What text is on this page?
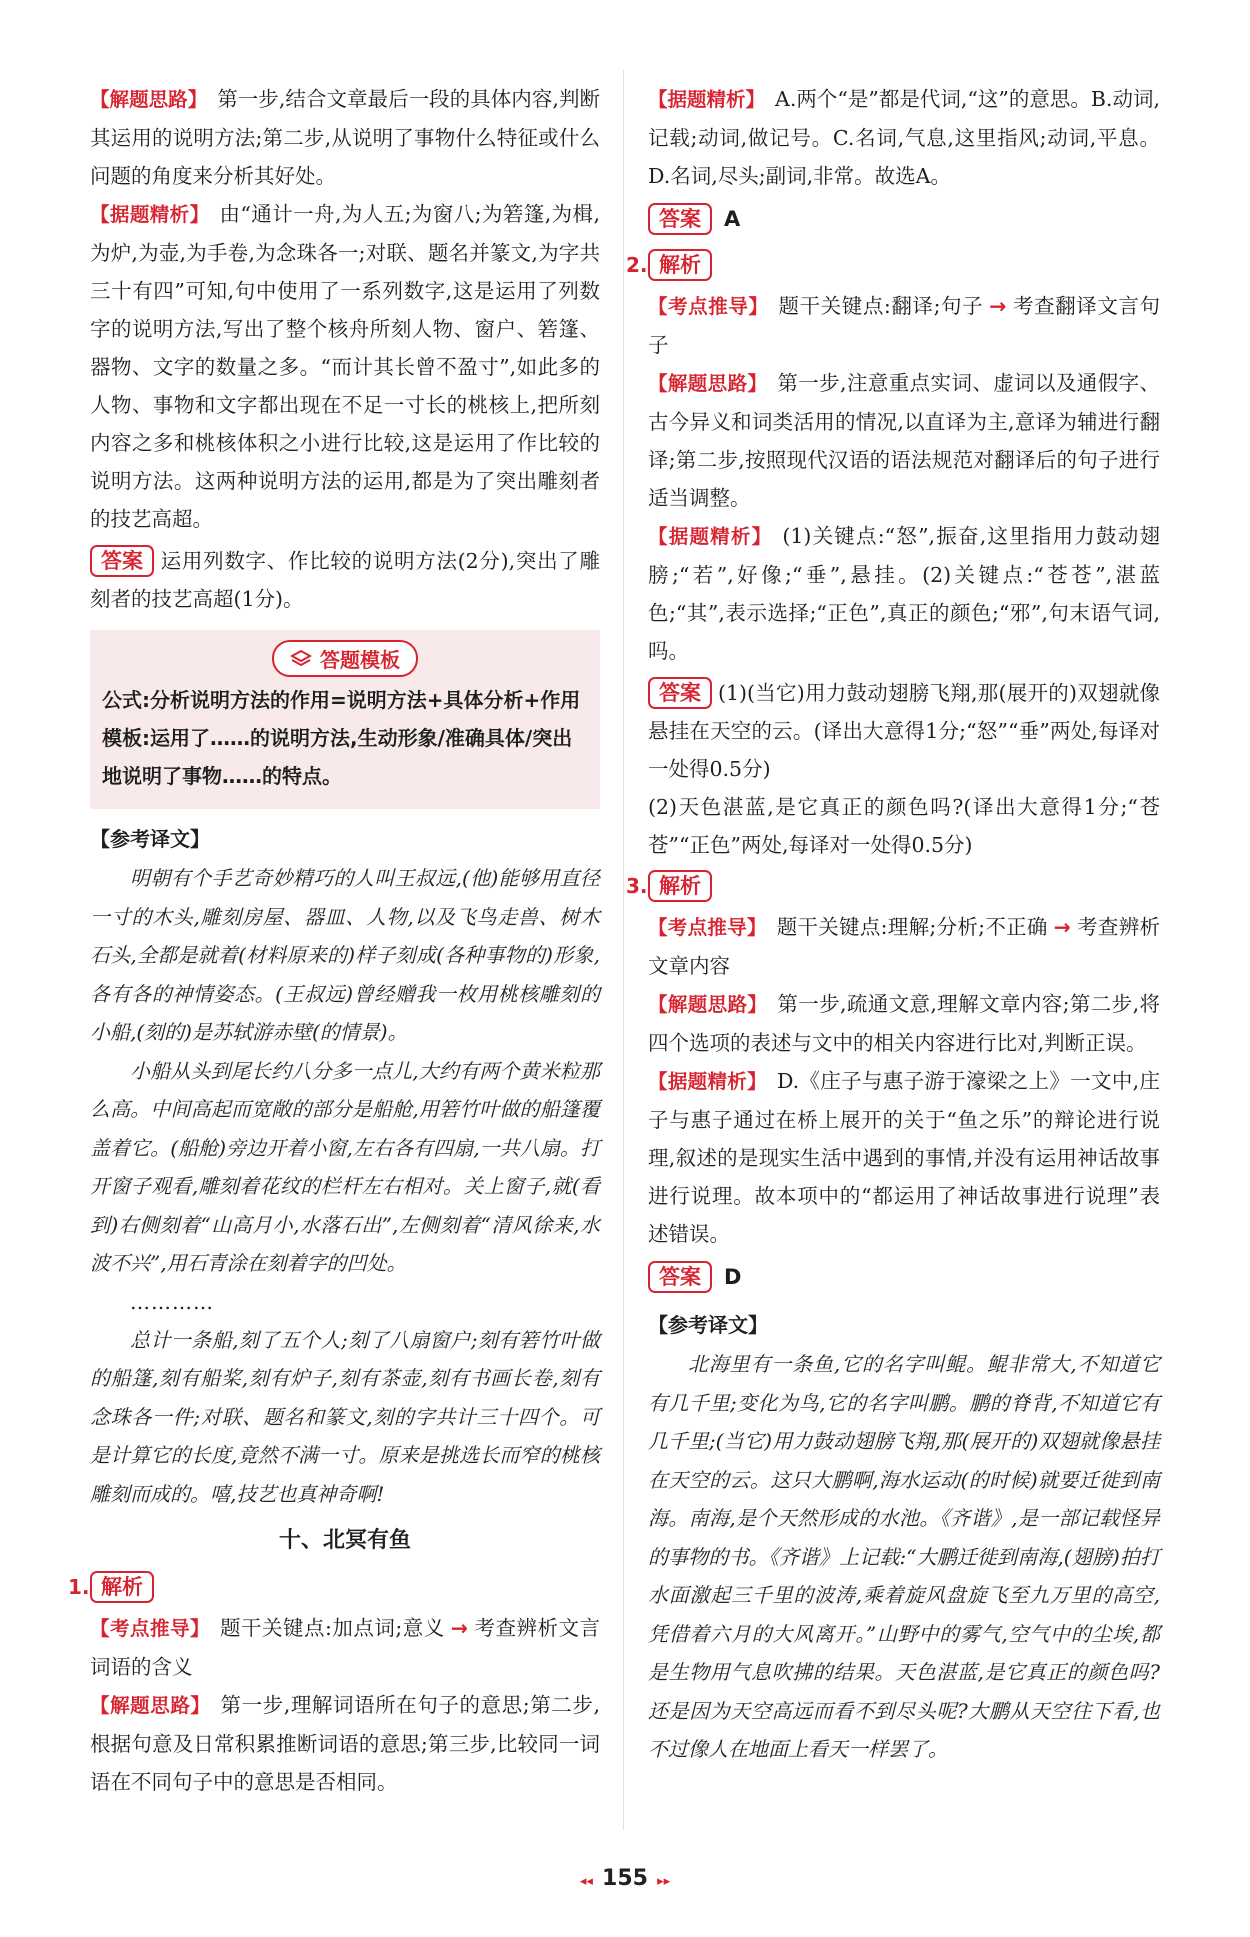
【解题思路】 第一步,结合文章最后一段的具体内容,判断其运用的说明方法;第二步,从说明了事物什么特征或什么问题的角度来分析其好处。

【据题精析】 由“通计一舟,为人五;为窗八;为箬篷,为楫,为炉,为壶,为手卷,为念珠各一;对联、题名并篆文,为字共三十有四”可知,句中使用了一系列数字,这是运用了列数字的说明方法,写出了整个核舟所刻人物、窗户、箬篷、器物、文字的数量之多。“而计其长曾不盈寸”,如此多的人物、事物和文字都出现在不足一寸长的桃核上,把所刻内容之多和桃核体积之小进行比较,这是运用了作比较的说明方法。这两种说明方法的运用,都是为了突出雕刻者的技艺高超。

答案 运用列数字、作比较的说明方法(2分),突出了雕刻者的技艺高超(1分)。

答题模板

公式:分析说明方法的作用=说明方法+具体分析+作用

模板:运用了……的说明方法,生动形象/准确具体/突出地说明了事物……的特点。

【参考译文】

明朝有个手艺奇妙精巧的人叫王叔远,(他)能够用直径一寸的木头,雕刻房屋、器皿、人物,以及飞鸟走兽、树木石头,全都是就着(材料原来的)样子刻成(各种事物的)形象,各有各的神情姿态。(王叔远)曾经赠我一枚用桃核雕刻的小船,(刻的)是苏轼游赤壁(的情景)。

小船从头到尾长约八分多一点儿,大约有两个黄米粒那么高。中间高起而宽敞的部分是船舱,用箬竹叶做的船篷覆盖着它。(船舱)旁边开着小窗,左右各有四扇,一共八扇。打开窗子观看,雕刻着花纹的栏杆左右相对。关上窗子,就(看到)右侧刻着“山高月小,水落石出”,左侧刻着“清风徐来,水波不兴”,用石青涂在刻着字的凹处。

…………

总计一条船,刻了五个人;刻了八扇窗户;刻有箬竹叶做的船篷,刻有船桨,刻有炉子,刻有茶壶,刻有书画长卷,刻有念珠各一件;对联、题名和篆文,刻的字共计三十四个。可是计算它的长度,竟然不满一寸。原来是挑选长而窄的桃核雕刻而成的。嘻,技艺也真神奇啊!

十、北冥有鱼

1. 解析

【考点推导】 题干关键点:加点词;意义 → 考查辨析文言词语的含义

【解题思路】 第一步,理解词语所在句子的意思;第二步,根据句意及日常积累推断词语的意思;第三步,比较同一词语在不同句子中的意思是否相同。

【据题精析】 A.两个“是”都是代词,“这”的意思。B.动词,记载;动词,做记号。C.名词,气息,这里指风;动词,平息。D.名词,尽头;副词,非常。故选A。

答案	A
2. 解析

【考点推导】 题干关键点:翻译;句子 → 考查翻译文言句子

【解题思路】 第一步,注意重点实词、虚词以及通假字、古今异义和词类活用的情况,以直译为主,意译为辅进行翻译;第二步,按照现代汉语的语法规范对翻译后的句子进行适当调整。

【据题精析】 (1)关键点:“怒”,振奋,这里指用力鼓动翅膀;“若”,好像;“垂”,悬挂。(2)关键点:“苍苍”,湛蓝色;“其”,表示选择;“正色”,真正的颜色;“邪”,句末语气词,吗。

答案 (1)(当它)用力鼓动翅膀飞翔,那(展开的)双翅就像悬挂在天空的云。(译出大意得1分;“怒”“垂”两处,每译对一处得0.5分)

(2)天色湛蓝,是它真正的颜色吗?(译出大意得1分;“苍苍”“正色”两处,每译对一处得0.5分)

3. 解析

【考点推导】 题干关键点:理解;分析;不正确 → 考查辨析文章内容

【解题思路】 第一步,疏通文意,理解文章内容;第二步,将四个选项的表述与文中的相关内容进行比对,判断正误。

【据题精析】 D.《庄子与惠子游于濠梁之上》一文中,庄子与惠子通过在桥上展开的关于“鱼之乐”的辩论进行说理,叙述的是现实生活中遇到的事情,并没有运用神话故事进行说理。故本项中的“都运用了神话故事进行说理”表述错误。

答案	D

【参考译文】

北海里有一条鱼,它的名字叫鲲。鲲非常大,不知道它有几千里;变化为鸟,它的名字叫鹏。鹏的脊背,不知道它有几千里;(当它)用力鼓动翅膀飞翔,那(展开的)双翅就像悬挂在天空的云。这只大鹏啊,海水运动(的时候)就要迁徙到南海。南海,是个天然形成的水池。《齐谐》,是一部记载怪异的事物的书。《齐谐》上记载:“大鹏迁徙到南海,(翅膀)拍打水面激起三千里的波涛,乘着旋风盘旋飞至九万里的高空,凭借着六月的大风离开。”山野中的雾气,空气中的尘埃,都是生物用气息吹拂的结果。天色湛蓝,是它真正的颜色吗?还是因为天空高远而看不到尽头呢?大鹏从天空往下看,也不过像人在地面上看天一样罢了。

◂◂ 155 ▸▸
